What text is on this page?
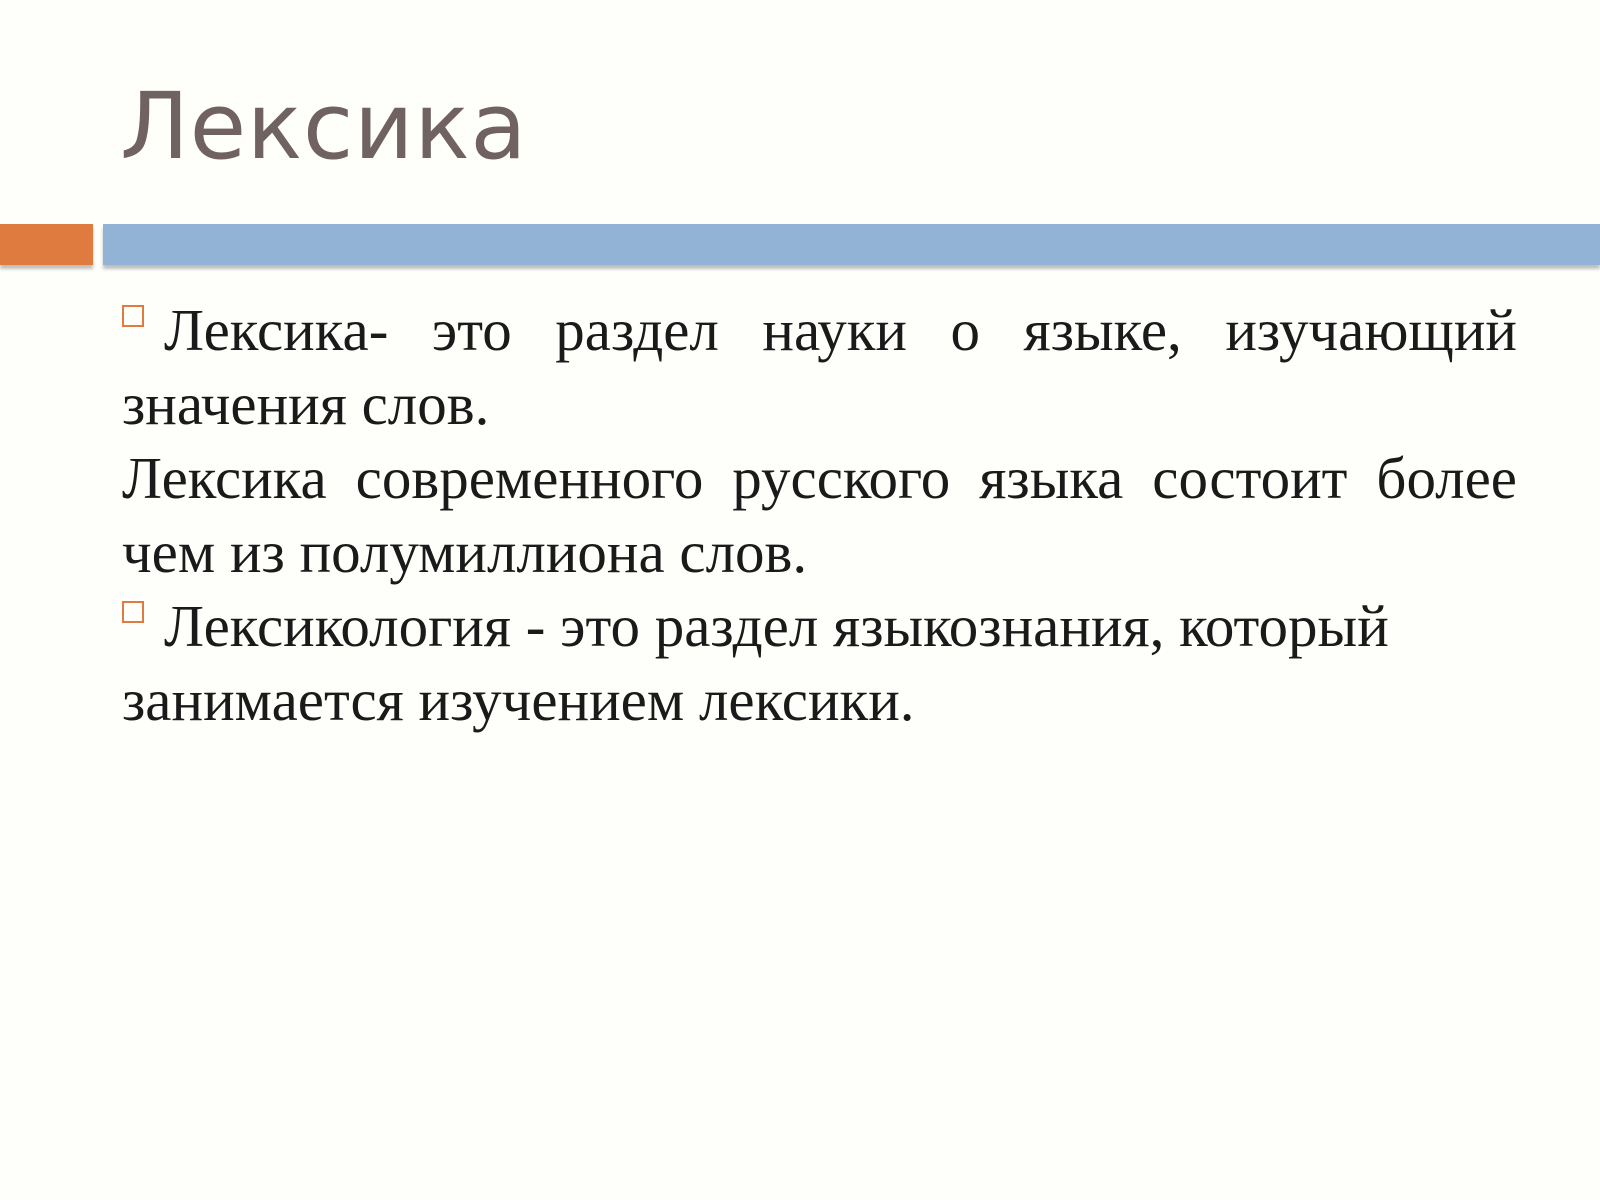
Лексика

Лексика- это раздел науки о языке, изучающий значения слов.

Лексика современного русского языка состоит более чем из полумиллиона слов.

Лексикология - это раздел языкознания, который занимается изучением лексики.
